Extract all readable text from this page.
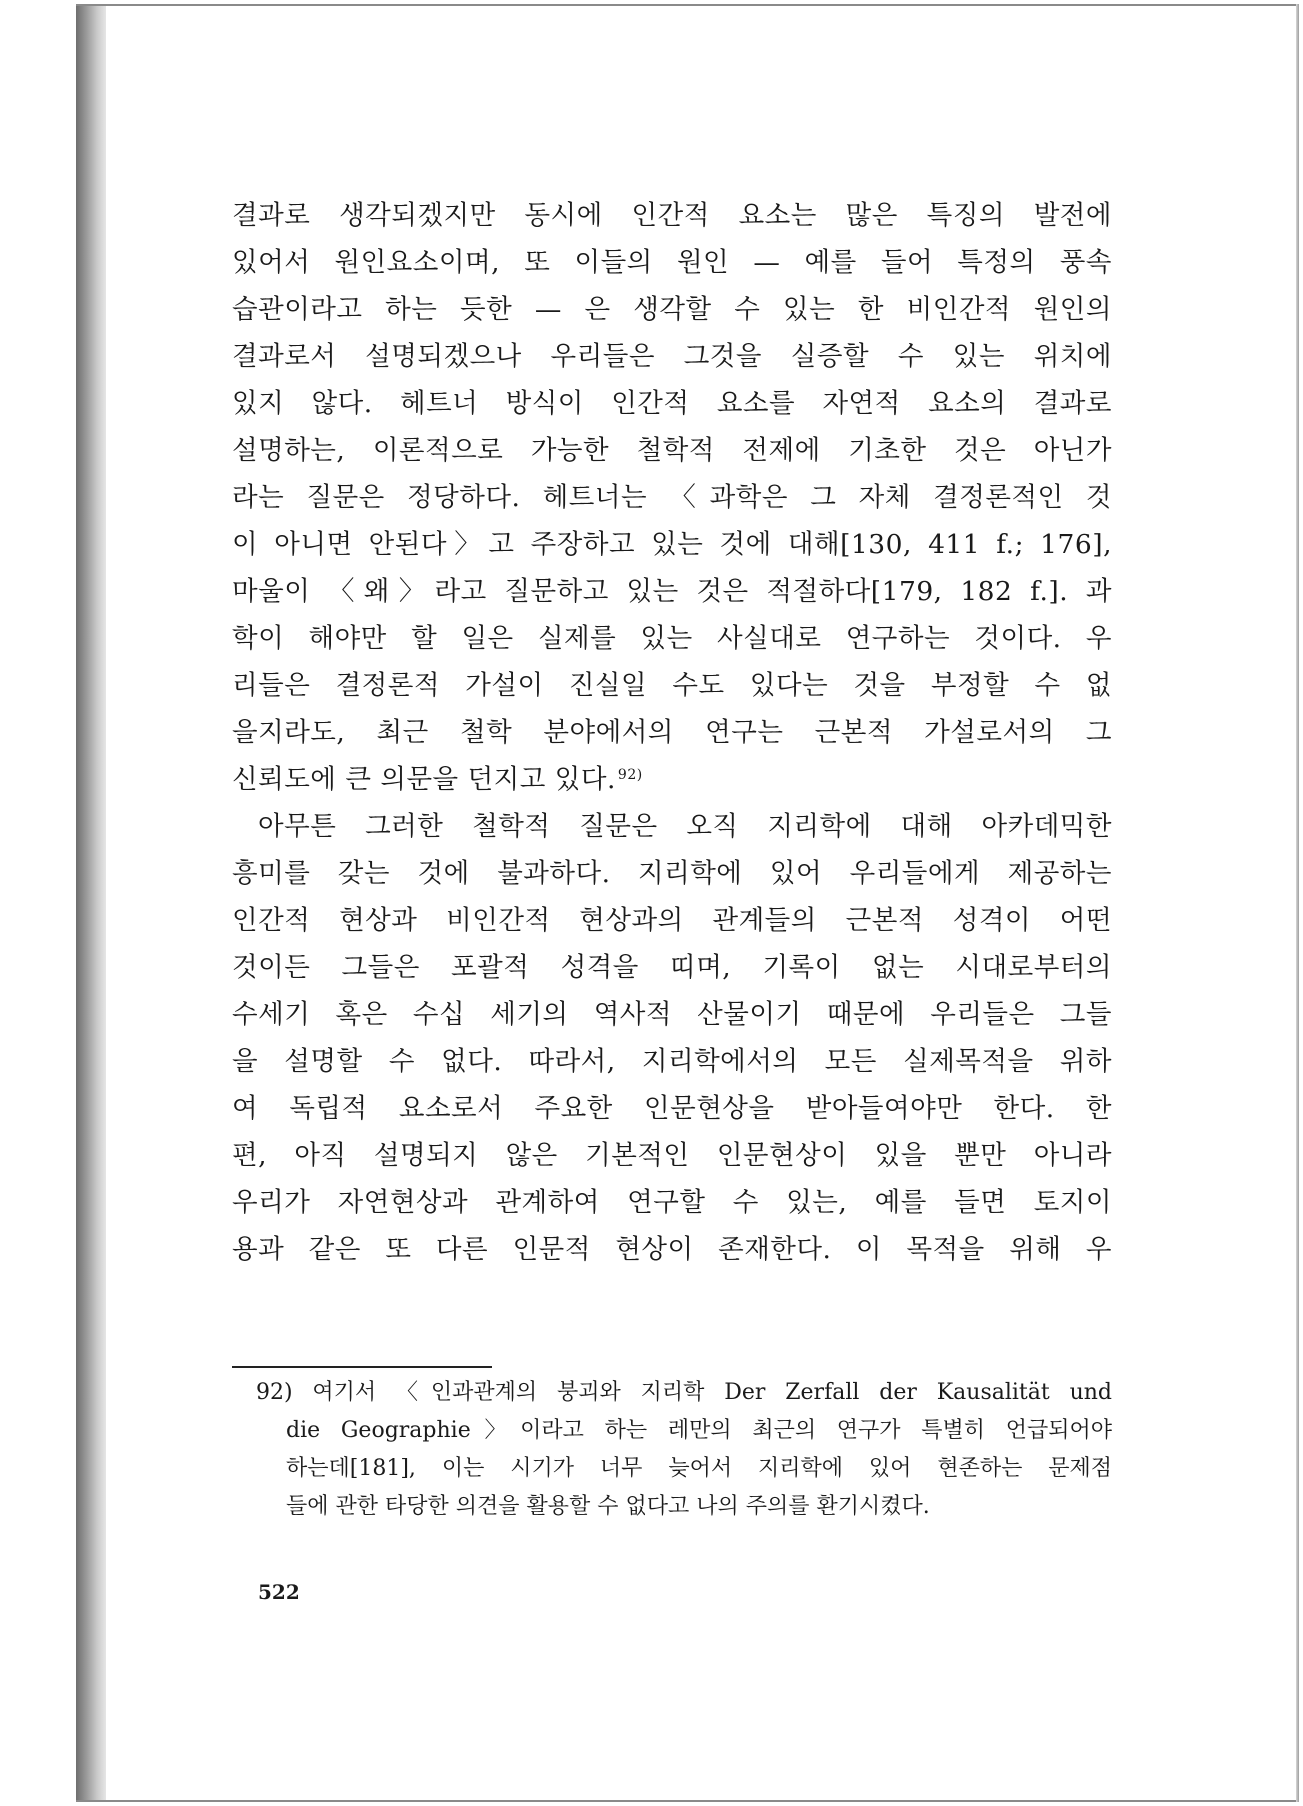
결과로 생각되겠지만 동시에 인간적 요소는 많은 특징의 발전에
있어서 원인요소이며, 또 이들의 원인 — 예를 들어 특정의 풍속
습관이라고 하는 듯한 — 은 생각할 수 있는 한 비인간적 원인의
결과로서 설명되겠으나 우리들은 그것을 실증할 수 있는 위치에
있지 않다. 헤트너 방식이 인간적 요소를 자연적 요소의 결과로
설명하는, 이론적으로 가능한 철학적 전제에 기초한 것은 아닌가
라는 질문은 정당하다. 헤트너는 〈과학은 그 자체 결정론적인 것
이 아니면 안된다〉고 주장하고 있는 것에 대해[130, 411 f.; 176],
마울이 〈왜〉라고 질문하고 있는 것은 적절하다[179, 182 f.]. 과
학이 해야만 할 일은 실제를 있는 사실대로 연구하는 것이다. 우
리들은 결정론적 가설이 진실일 수도 있다는 것을 부정할 수 없
을지라도, 최근 철학 분야에서의 연구는 근본적 가설로서의 그
신뢰도에 큰 의문을 던지고 있다. $^{92)}$
아무튼 그러한 철학적 질문은 오직 지리학에 대해 아카데믹한
흥미를 갖는 것에 불과하다. 지리학에 있어 우리들에게 제공하는
인간적 현상과 비인간적 현상과의 관계들의 근본적 성격이 어떤
것이든 그들은 포괄적 성격을 띠며, 기록이 없는 시대로부터의
수세기 혹은 수십 세기의 역사적 산물이기 때문에 우리들은 그들
을 설명할 수 없다. 따라서, 지리학에서의 모든 실제목적을 위하
여 독립적 요소로서 주요한 인문현상을 받아들여야만 한다. 한
편, 아직 설명되지 않은 기본적인 인문현상이 있을 뿐만 아니라
우리가 자연현상과 관계하여 연구할 수 있는, 예를 들면 토지이
용과 같은 또 다른 인문적 현상이 존재한다. 이 목적을 위해 우
92) 여기서 〈인과관계의 붕괴와 지리학 Der Zerfall der Kausalität und
die Geographie〉이라고 하는 레만의 최근의 연구가 특별히 언급되어야
하는데[181], 이는 시기가 너무 늦어서 지리학에 있어 현존하는 문제점
들에 관한 타당한 의견을 활용할 수 없다고 나의 주의를 환기시켰다.
522
